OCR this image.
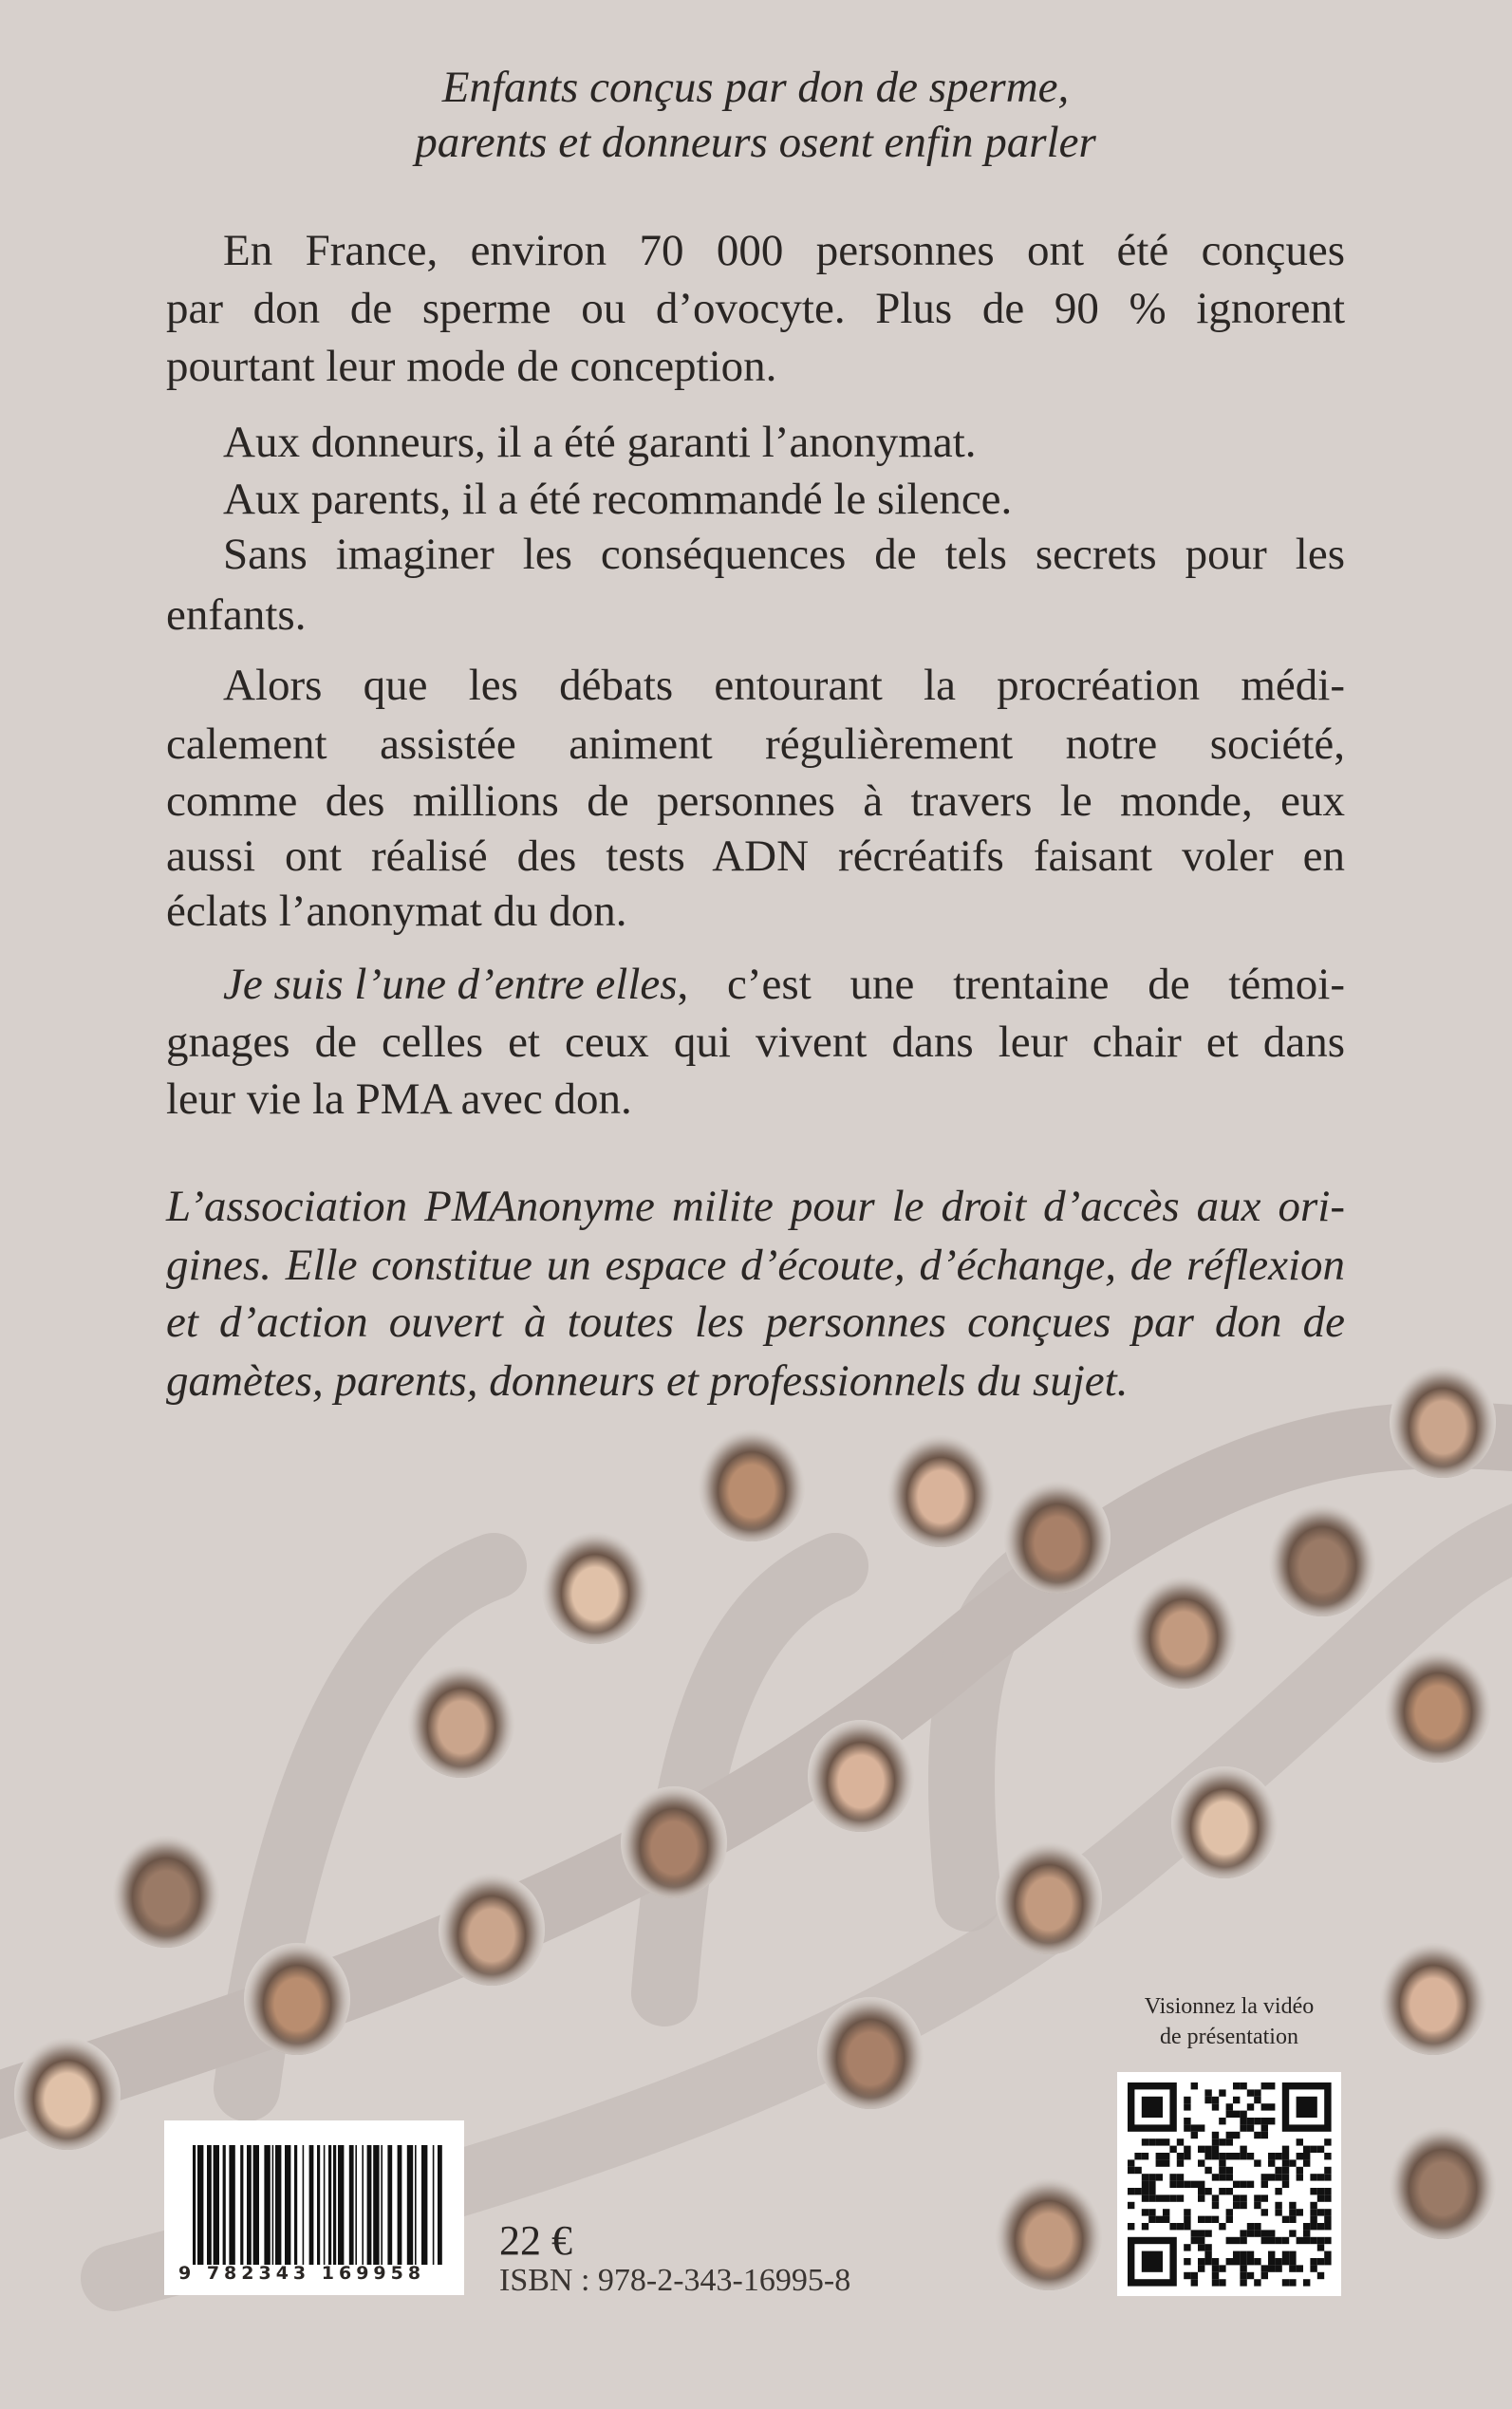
Enfants conçus par don de sperme,
parents et donneurs osent enfin parler
En France, environ 70 000 personnes ont été conçues
par don de sperme ou d’ovocyte. Plus de 90 % ignorent
pourtant leur mode de conception.
Aux donneurs, il a été garanti l’anonymat.
Aux parents, il a été recommandé le silence.
Sans imaginer les conséquences de tels secrets pour les
enfants.
Alors que les débats entourant la procréation médi-
calement assistée animent régulièrement notre société,
comme des millions de personnes à travers le monde, eux
aussi ont réalisé des tests ADN récréatifs faisant voler en
éclats l’anonymat du don.
Je suis l’une d’entre elles , c’est une trentaine de témoi-
gnages de celles et ceux qui vivent dans leur chair et dans
leur vie la PMA avec don.
L’association PMAnonyme milite pour le droit d’accès aux ori-
gines. Elle constitue un espace d’écoute, d’échange, de réflexion
et d’action ouvert à toutes les personnes conçues par don de
gamètes, parents, donneurs et professionnels du sujet.
Visionnez la vidéo
de présentation
9 782343 169958
22 €
ISBN : 978-2-343-16995-8
